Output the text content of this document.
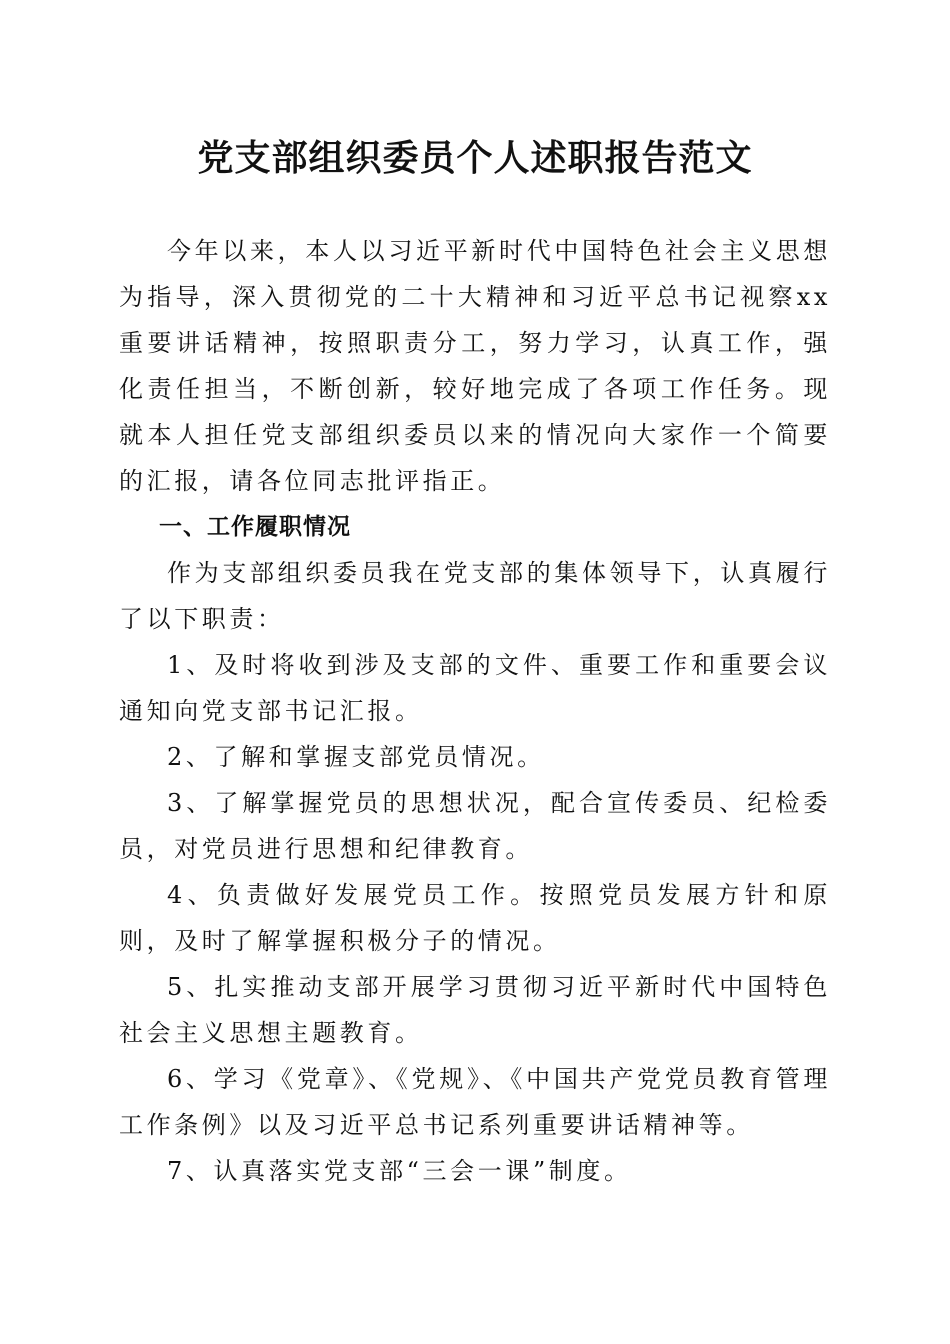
党支部组织委员个人述职报告范文

今年以来，本人以习近平新时代中国特色社会主义思想为指导，深入贯彻党的二十大精神和习近平总书记视察xx重要讲话精神，按照职责分工，努力学习，认真工作，强化责任担当，不断创新，较好地完成了各项工作任务。现就本人担任党支部组织委员以来的情况向大家作一个简要的汇报，请各位同志批评指正。

一、工作履职情况

作为支部组织委员我在党支部的集体领导下，认真履行了以下职责：

1、及时将收到涉及支部的文件、重要工作和重要会议通知向党支部书记汇报。

2、了解和掌握支部党员情况。

3、了解掌握党员的思想状况，配合宣传委员、纪检委员，对党员进行思想和纪律教育。

4、负责做好发展党员工作。按照党员发展方针和原则，及时了解掌握积极分子的情况。

5、扎实推动支部开展学习贯彻习近平新时代中国特色社会主义思想主题教育。

6、学习《党章》、《党规》、《中国共产党党员教育管理工作条例》以及习近平总书记系列重要讲话精神等。

7、认真落实党支部“三会一课”制度。
